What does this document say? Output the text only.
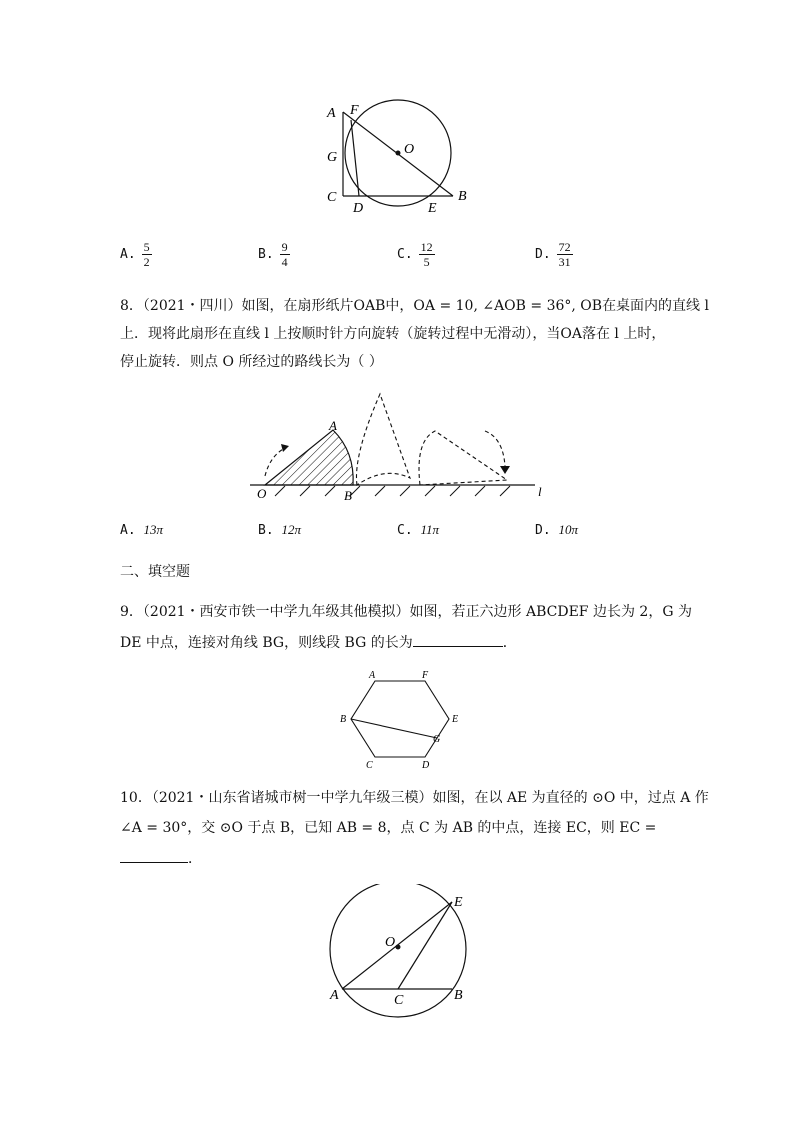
A F
O
G
C
D	E
B
A. $\frac{5}{2}$	B. $\frac{9}{4}$	C. $\frac{12}{5}$	D. $\frac{72}{31}$
8．（2021・四川）如图，在扇形纸片OAB中，OA = 10, ∠AOB = 36°, OB在桌面内的直线 l
上．现将此扇形在直线 l 上按顺时针方向旋转（旋转过程中无滑动），当OA落在 l 上时，
停止旋转．则点 O 所经过的路线长为（ ）
A
O	B	l
A. 13π	B. 12π	C. 11π	D. 10π
二、填空题
9．（2021・西安市铁一中学九年级其他模拟）如图，若正六边形 ABCDEF 边长为 2，G 为
DE 中点，连接对角线 BG，则线段 BG 的长为	．
A	F
B	E
G
C	D
10．（2021・山东省诸城市树一中学九年级三模）如图，在以 AE 为直径的 ⊙O 中，过点 A 作
∠A = 30°，交 ⊙O 于点 B，已知 AB = 8，点 C 为 AB 的中点，连接 EC，则 EC =
．
E
O
A	C	B
